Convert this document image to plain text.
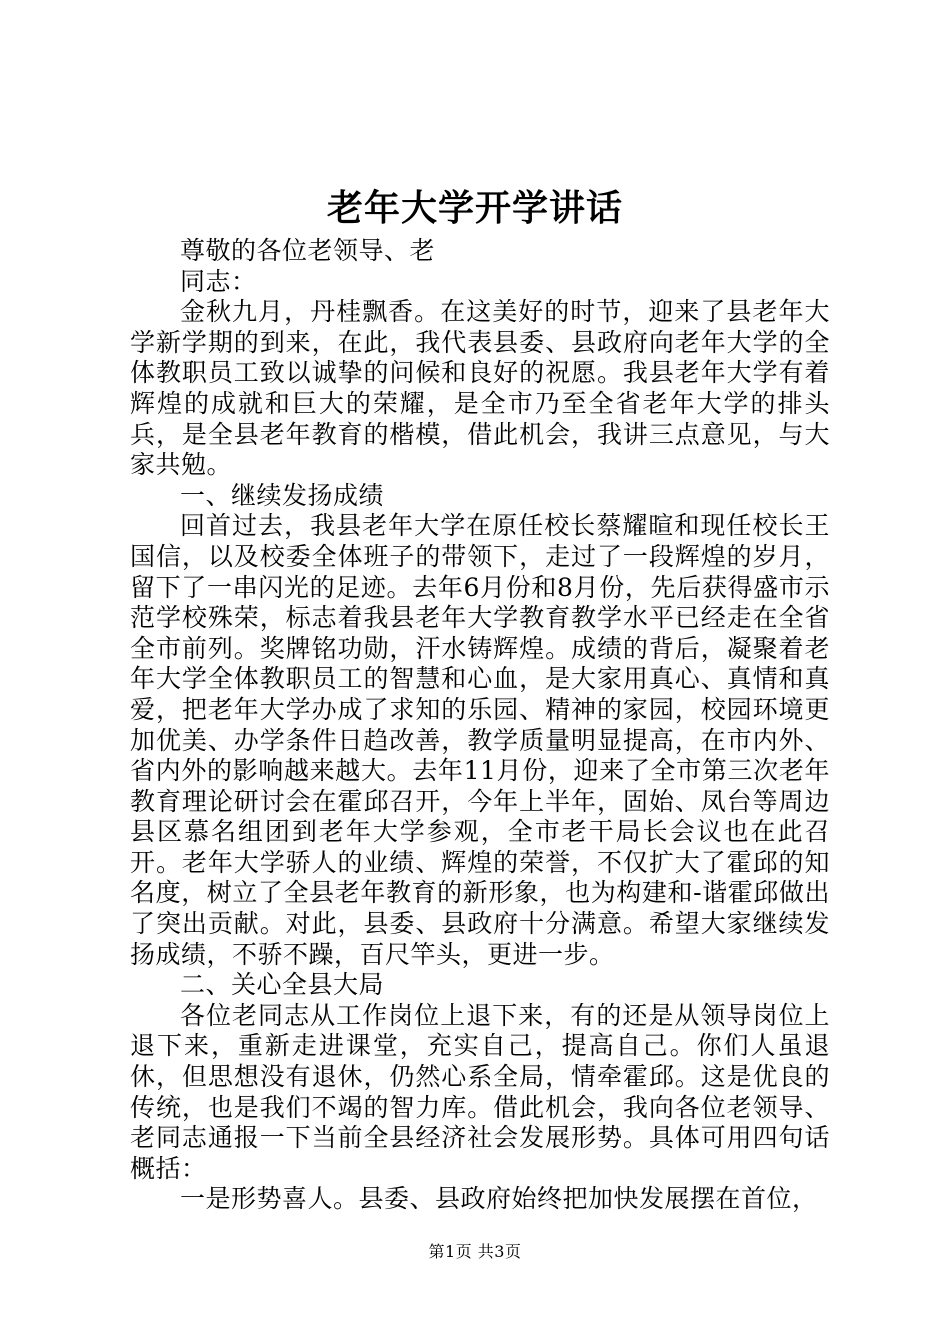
老年大学开学讲话

尊敬的各位老领导、老

同志：

金秋九月，丹桂飘香。在这美好的时节，迎来了县老年大学新学期的到来，在此，我代表县委、县政府向老年大学的全体教职员工致以诚挚的问候和良好的祝愿。我县老年大学有着辉煌的成就和巨大的荣耀，是全市乃至全省老年大学的排头兵，是全县老年教育的楷模，借此机会，我讲三点意见，与大家共勉。

一、继续发扬成绩

回首过去，我县老年大学在原任校长蔡耀暄和现任校长王国信，以及校委全体班子的带领下，走过了一段辉煌的岁月，留下了一串闪光的足迹。去年6月份和8月份，先后获得盛市示范学校殊荣，标志着我县老年大学教育教学水平已经走在全省全市前列。奖牌铭功勋，汗水铸辉煌。成绩的背后，凝聚着老年大学全体教职员工的智慧和心血，是大家用真心、真情和真爱，把老年大学办成了求知的乐园、精神的家园，校园环境更加优美、办学条件日趋改善，教学质量明显提高，在市内外、省内外的影响越来越大。去年11月份，迎来了全市第三次老年教育理论研讨会在霍邱召开，今年上半年，固始、凤台等周边县区慕名组团到老年大学参观，全市老干局长会议也在此召开。老年大学骄人的业绩、辉煌的荣誉，不仅扩大了霍邱的知名度，树立了全县老年教育的新形象，也为构建和-谐霍邱做出了突出贡献。对此，县委、县政府十分满意。希望大家继续发扬成绩，不骄不躁，百尺竿头，更进一步。

二、关心全县大局

各位老同志从工作岗位上退下来，有的还是从领导岗位上退下来，重新走进课堂，充实自己，提高自己。你们人虽退休，但思想没有退休，仍然心系全局，情牵霍邱。这是优良的传统，也是我们不竭的智力库。借此机会，我向各位老领导、老同志通报一下当前全县经济社会发展形势。具体可用四句话概括：

一是形势喜人。县委、县政府始终把加快发展摆在首位，

第1页 共3页
